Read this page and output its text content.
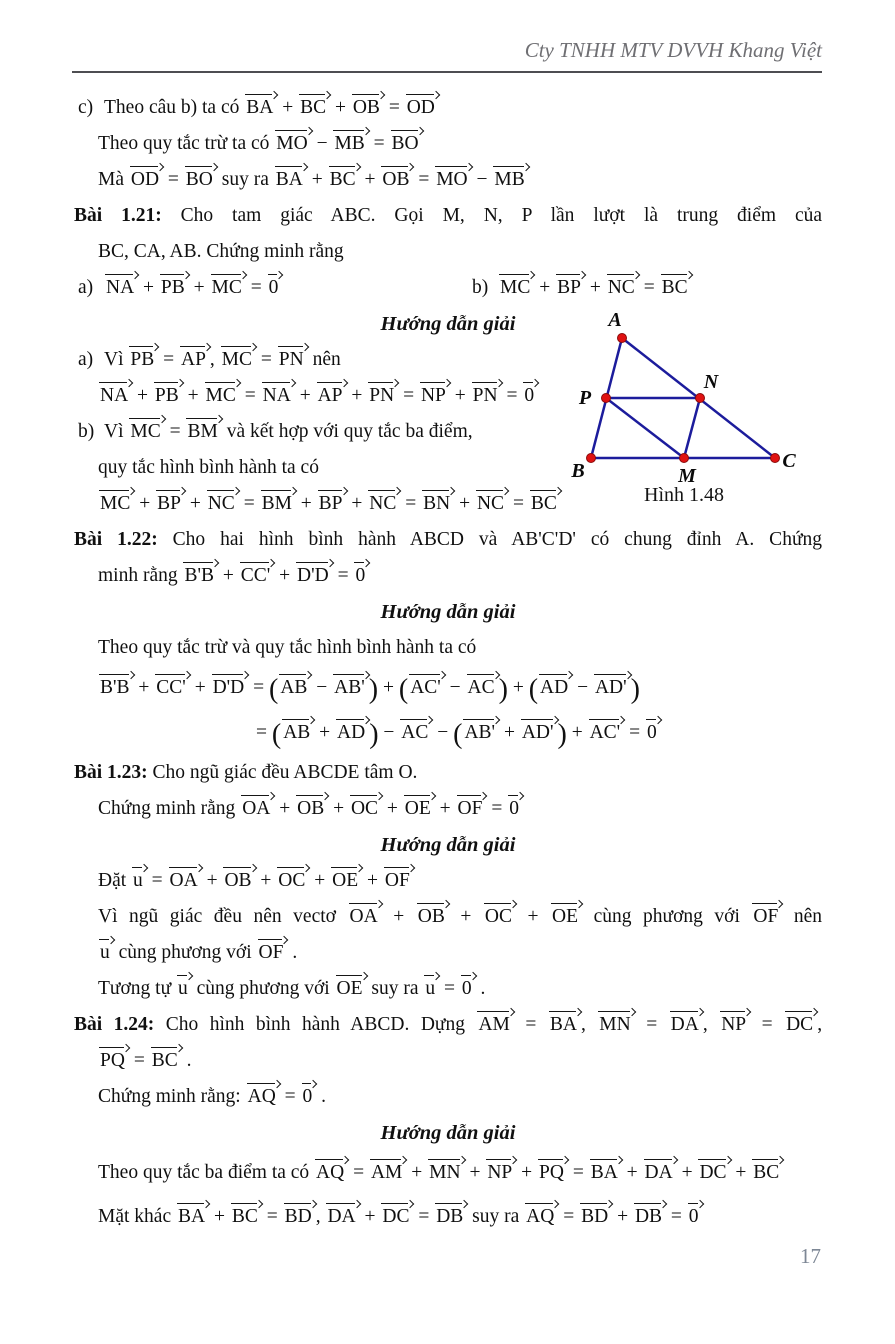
Cty TNHH MTV DVVH Khang Việt
c) Theo câu b) ta có BA + BC + OB = OD
Theo quy tắc trừ ta có MO − MB = BO
Mà OD = BO suy ra BA + BC + OB = MO − MB
Bài 1.21: Cho tam giác ABC. Gọi M, N, P lần lượt là trung điểm của
BC, CA, AB. Chứng minh rằng
a) NA + PB + MC = 0	b) MC + BP + NC = BC
Hướng dẫn giải
a) Vì PB = AP , MC = PN nên
NA + PB + MC = NA + AP + PN = NP + PN = 0
b) Vì MC = BM và kết hợp với quy tắc ba điểm,
quy tắc hình bình hành ta có
MC + BP + NC = BM + BP + NC = BN + NC = BC
Bài 1.22: Cho hai hình bình hành ABCD và AB'C'D' có chung đỉnh A. Chứng
minh rằng B'B + CC' + D'D = 0
Hướng dẫn giải
Theo quy tắc trừ và quy tắc hình bình hành ta có
B'B + CC' + D'D = ( AB − AB' ) + ( AC' − AC ) + ( AD − AD' )
= ( AB + AD ) − AC − ( AB' + AD' ) + AC' = 0
Bài 1.23: Cho ngũ giác đều ABCDE tâm O.
Chứng minh rằng OA + OB + OC + OE + OF = 0
Hướng dẫn giải
Đặt u = OA + OB + OC + OE + OF
Vì ngũ giác đều nên vectơ OA + OB + OC + OE cùng phương với OF nên
u cùng phương với OF .
Tương tự u cùng phương với OE suy ra u = 0 .
Bài 1.24: Cho hình bình hành ABCD. Dựng AM = BA , MN = DA , NP = DC ,
PQ = BC .
Chứng minh rằng: AQ = 0 .
Hướng dẫn giải
Theo quy tắc ba điểm ta có AQ = AM + MN + NP + PQ = BA + DA + DC + BC
Mặt khác BA + BC = BD , DA + DC = DB suy ra AQ = BD + DB = 0
A
P
N
B	M
C
Hình 1.48
17
